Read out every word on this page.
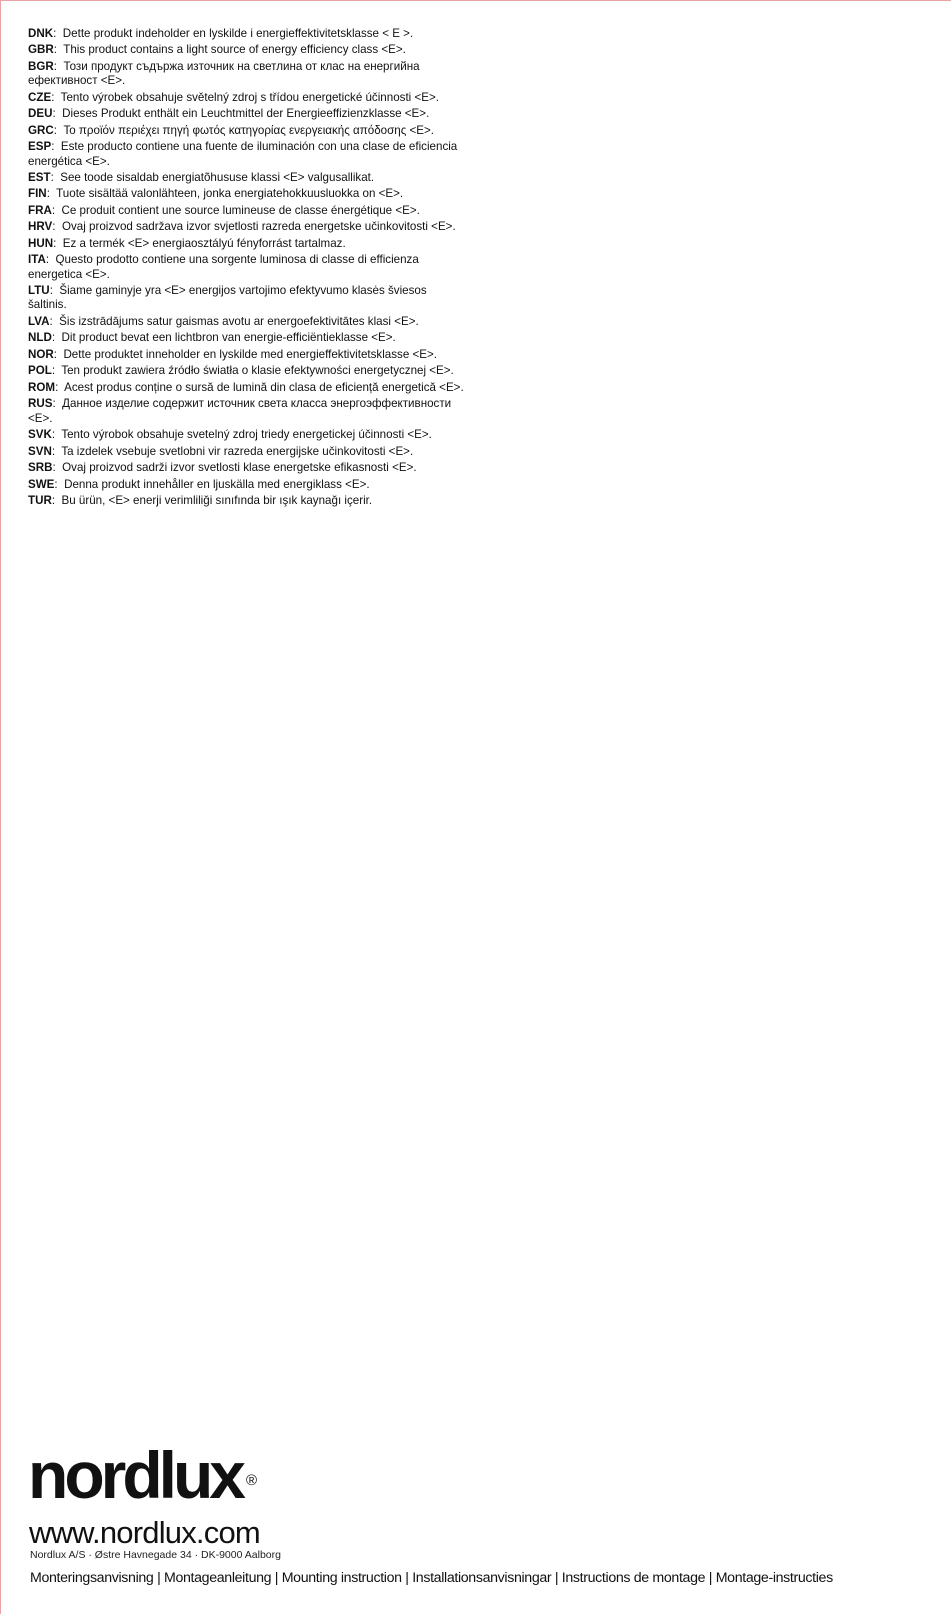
DNK:  Dette produkt indeholder en lyskilde i energieffektivitetsklasse < E >.
GBR:  This product contains a light source of energy efficiency class <E>.
BGR:  Този продукт съдържа източник на светлина от клас на енергийна ефективност <E>.
CZE:  Tento výrobek obsahuje světelný zdroj s třídou energetické účinnosti <E>.
DEU:  Dieses Produkt enthält ein Leuchtmittel der Energieeffizienzklasse <E>.
GRC:  Το προϊόν περιέχει πηγή φωτός κατηγορίας ενεργειακής απόδοσης <E>.
ESP:  Este producto contiene una fuente de iluminación con una clase de eficiencia energética <E>.
EST:  See toode sisaldab energiatõhususe klassi <E> valgusallikat.
FIN:  Tuote sisältää valonlähteen, jonka energiatehokkuusluokka on <E>.
FRA:  Ce produit contient une source lumineuse de classe énergétique <E>.
HRV:  Ovaj proizvod sadržava izvor svjetlosti razreda energetske učinkovitosti <E>.
HUN:  Ez a termék <E> energiaosztályú fényforrást tartalmaz.
ITA:  Questo prodotto contiene una sorgente luminosa di classe di efficienza energetica <E>.
LTU:  Šiame gaminyje yra <E> energijos vartojimo efektyvumo klasės šviesos šaltinis.
LVA:  Šis izstrādājums satur gaismas avotu ar energoefektivitātes klasi <E>.
NLD:  Dit product bevat een lichtbron van energie-efficiëntieklasse <E>.
NOR:  Dette produktet inneholder en lyskilde med energieffektivitetsklasse <E>.
POL:  Ten produkt zawiera źródło światła o klasie efektywności energetycznej <E>.
ROM:  Acest produs conține o sursă de lumină din clasa de eficiență energetică <E>.
RUS:  Данное изделие содержит источник света класса энергоэффективности <E>.
SVK:  Tento výrobok obsahuje svetelný zdroj triedy energetickej účinnosti <E>.
SVN:  Ta izdelek vsebuje svetlobni vir razreda energijske učinkovitosti <E>.
SRB:  Ovaj proizvod sadrži izvor svetlosti klase energetske efikasnosti <E>.
SWE:  Denna produkt innehåller en ljuskälla med energiklass <E>.
TUR:  Bu ürün, <E> enerji verimliliği sınıfında bir ışık kaynağı içerir.
nordlux ®
www.nordlux.com
Nordlux A/S · Østre Havnegade 34 · DK-9000 Aalborg
Monteringsanvisning | Montageanleitung | Mounting instruction | Installationsanvisningar | Instructions de montage | Montage-instructies
